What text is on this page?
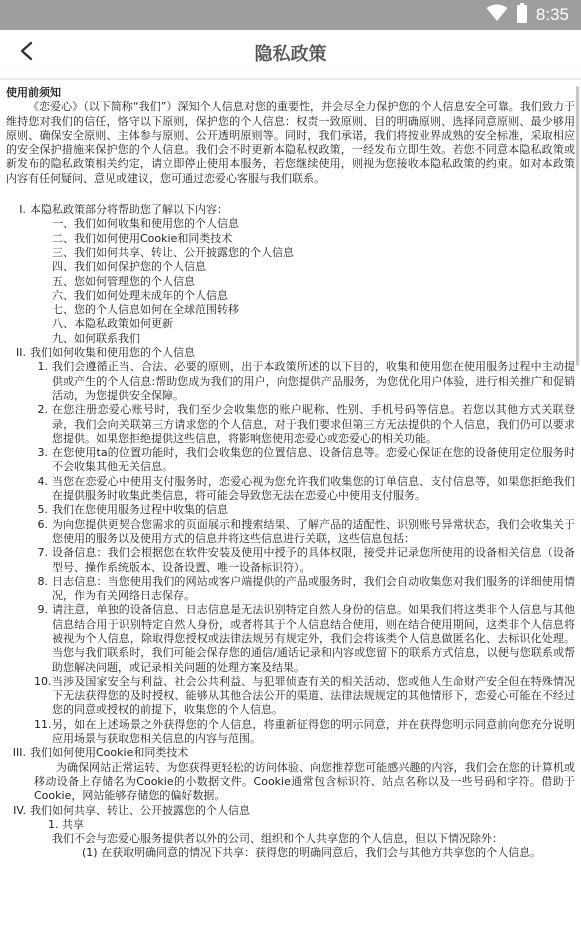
8:35
隐私政策

使用前须知

《恋爱心》（以下简称“我们”）深知个人信息对您的重要性，并会尽全力保护您的个人信息安全可靠。我们致力于维持您对我们的信任，恪守以下原则，保护您的个人信息：权责一致原则、目的明确原则、选择同意原则、最少够用原则、确保安全原则、主体参与原则、公开透明原则等。同时，我们承诺，我们将按业界成熟的安全标准，采取相应的安全保护措施来保护您的个人信息。我们会不时更新本隐私权政策，一经发布立即生效。若您不同意本隐私政策或新发布的隐私政策相关约定，请立即停止使用本服务，若您继续使用，则视为您接收本隐私政策的约束。如对本政策内容有任何疑问、意见或建议，您可通过恋爱心客服与我们联系。

I. 本隐私政策部分将帮助您了解以下内容：

一、我们如何收集和使用您的个人信息

二、我们如何使用Cookie和同类技术

三、我们如何共享、转让、公开披露您的个人信息

四、我们如何保护您的个人信息

五、您如何管理您的个人信息

六、我们如何处理未成年的个人信息

七、您的个人信息如何在全球范围转移

八、本隐私政策如何更新

九、如何联系我们

II. 我们如何收集和使用您的个人信息
1. 我们会遵循正当、合法、必要的原则，出于本政策所述的以下目的，收集和使用您在使用服务过程中主动提供或产生的个人信息:帮助您成为我们的用户，向您提供产品服务，为您优化用户体验，进行相关推广和促销活动，为您提供安全保障。
2. 在您注册恋爱心账号时，我们至少会收集您的账户昵称、性别、手机号码等信息。若您以其他方式关联登录，我们会向关联第三方请求您的个人信息，对于我们要求但第三方无法提供的个人信息，我们仍可以要求您提供。如果您拒绝提供这些信息，将影响您使用恋爱心或恋爱心的相关功能。
3. 在您使用ta的位置功能时，我们会收集您的位置信息、设备信息等。恋爱心保证在您的设备使用定位服务时不会收集其他无关信息。
4. 当您在恋爱心中使用支付服务时，恋爱心视为您允许我们收集您的订单信息、支付信息等，如果您拒绝我们在提供服务时收集此类信息，将可能会导致您无法在恋爱心中使用支付服务。
5. 我们在您使用服务过程中收集的信息
6. 为向您提供更契合您需求的页面展示和搜索结果、了解产品的适配性、识别账号异常状态，我们会收集关于您使用的服务以及使用方式的信息并将这些信息进行关联，这些信息包括：
7. 设备信息：我们会根据您在软件安装及使用中授予的具体权限，接受并记录您所使用的设备相关信息（设备型号、操作系统版本、设备设置、唯一设备标识符）。
8. 日志信息：当您使用我们的网站或客户端提供的产品或服务时，我们会自动收集您对我们服务的详细使用情况，作为有关网络日志保存。
9. 请注意，单独的设备信息、日志信息是无法识别特定自然人身份的信息。如果我们将这类非个人信息与其他信息结合用于识别特定自然人身份，或者将其于个人信息结合使用，则在结合使用期间，这类非个人信息将被视为个人信息，除取得您授权或法律法规另有规定外，我们会将该类个人信息做匿名化、去标识化处理。当您与我们联系时，我们可能会保存您的通信/通话记录和内容或您留下的联系方式信息，以便与您联系或帮助您解决问题，或记录相关问题的处理方案及结果。
10. 当涉及国家安全与利益、社会公共利益、与犯罪侦查有关的相关活动、您或他人生命财产安全但在特殊情况下无法获得您的及时授权、能够从其他合法公开的渠道、法律法规规定的其他情形下，恋爱心可能在不经过您的同意或授权的前提下，收集您的个人信息。
11. 另，如在上述场景之外获得您的个人信息，将重新征得您的明示同意，并在获得您明示同意前向您充分说明应用场景与获取您相关信息的内容与范围。
III. 我们如何使用Cookie和同类技术

为确保网站正常运转、为您获得更轻松的访问体验、向您推荐您可能感兴趣的内容，我们会在您的计算机或移动设备上存储名为Cookie的小数据文件。Cookie通常包含标识符、站点名称以及一些号码和字符。借助于Cookie，网站能够存储您的偏好数据。

IV. 我们如何共享、转让、公开披露您的个人信息

1. 共享

我们不会与恋爱心服务提供者以外的公司、组织和个人共享您的个人信息，但以下情况除外：

(1) 在获取明确同意的情况下共享：获得您的明确同意后，我们会与其他方共享您的个人信息。
